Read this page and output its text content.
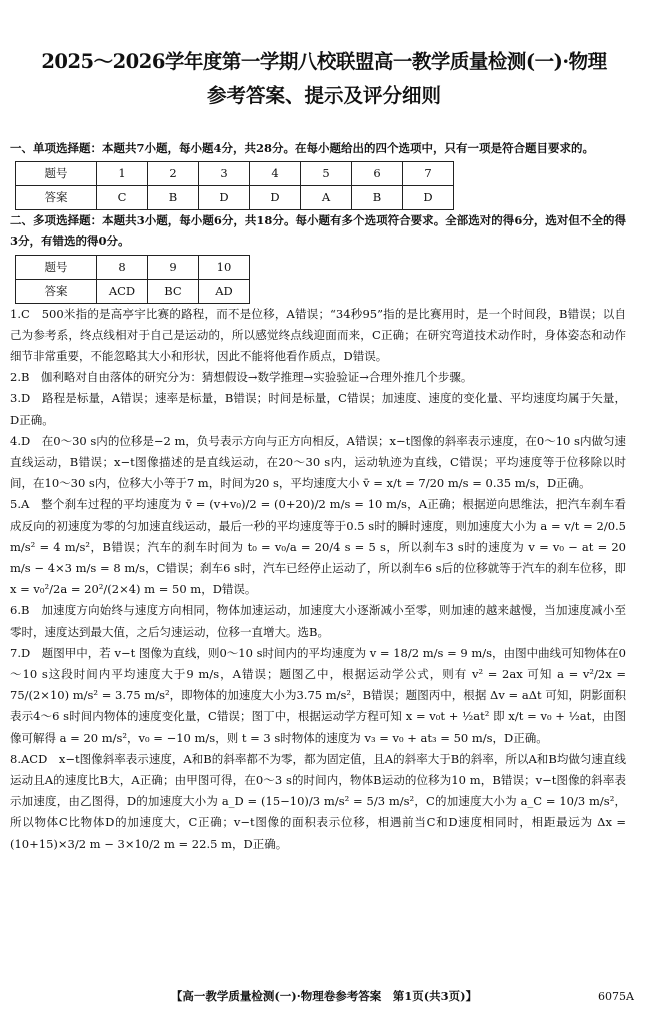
2025～2026学年度第一学期八校联盟高一教学质量检测(一)·物理
参考答案、提示及评分细则

一、单项选择题：本题共7小题，每小题4分，共28分。在每小题给出的四个选项中，只有一项是符合题目要求的。

题号	1	2	3	4	5	6	7
答案	C	B	D	D	A	B	D

二、多项选择题：本题共3小题，每小题6分，共18分。每小题有多个选项符合要求。全部选对的得6分，选对但不全的得3分，有错选的得0分。

题号	8	9	10
答案	ACD	BC	AD

1.C　500米指的是高亭宇比赛的路程，而不是位移，A错误；“34秒95”指的是比赛用时，是一个时间段，B错误；以自己为参考系，终点线相对于自己是运动的，所以感觉终点线迎面而来，C正确；在研究弯道技术动作时，身体姿态和动作细节非常重要，不能忽略其大小和形状，因此不能将他看作质点，D错误。

2.B　伽利略对自由落体的研究分为：猜想假设→数学推理→实验验证→合理外推几个步骤。

3.D　路程是标量，A错误；速率是标量，B错误；时间是标量，C错误；加速度、速度的变化量、平均速度均属于矢量，D正确。

4.D　在0～30 s内的位移是−2 m，负号表示方向与正方向相反，A错误；x−t图像的斜率表示速度，在0～10 s内做匀速直线运动，B错误；x−t图像描述的是直线运动，在20～30 s内，运动轨迹为直线，C错误；平均速度等于位移除以时间，在10～30 s内，位移大小等于7 m，时间为20 s，平均速度大小 v̄ = x/t = 7/20 m/s = 0.35 m/s，D正确。

5.A　整个刹车过程的平均速度为 v̄ = (v+v₀)/2 = (0+20)/2 m/s = 10 m/s，A正确；根据逆向思维法，把汽车刹车看成反向的初速度为零的匀加速直线运动，最后一秒的平均速度等于0.5 s时的瞬时速度，则加速度大小为 a = v/t = 2/0.5 m/s² = 4 m/s²，B错误；汽车的刹车时间为 t₀ = v₀/a = 20/4 s = 5 s，所以刹车3 s时的速度为 v = v₀ − at = 20 m/s − 4×3 m/s = 8 m/s，C错误；刹车6 s时，汽车已经停止运动了，所以刹车6 s后的位移就等于汽车的刹车位移，即 x = v₀²/2a = 20²/(2×4) m = 50 m，D错误。

6.B　加速度方向始终与速度方向相同，物体加速运动，加速度大小逐渐减小至零，则加速的越来越慢，当加速度减小至零时，速度达到最大值，之后匀速运动，位移一直增大。选B。

7.D　题图甲中，若 v−t 图像为直线，则0～10 s时间内的平均速度为 v = 18/2 m/s = 9 m/s，由图中曲线可知物体在0～10 s这段时间内平均速度大于9 m/s，A错误；题图乙中，根据运动学公式，则有 v² = 2ax 可知 a = v²/2x = 75/(2×10) m/s² = 3.75 m/s²，即物体的加速度大小为3.75 m/s²，B错误；题图丙中，根据 Δv = aΔt 可知，阴影面积表示4～6 s时间内物体的速度变化量，C错误；图丁中，根据运动学方程可知 x = v₀t + ½at² 即 x/t = v₀ + ½at，由图像可解得 a = 20 m/s²，v₀ = −10 m/s，则 t = 3 s时物体的速度为 v₃ = v₀ + at₃ = 50 m/s，D正确。

8.ACD　x−t图像斜率表示速度，A和B的斜率都不为零，都为固定值，且A的斜率大于B的斜率，所以A和B均做匀速直线运动且A的速度比B大，A正确；由甲图可得，在0～3 s的时间内，物体B运动的位移为10 m，B错误；v−t图像的斜率表示加速度，由乙图得，D的加速度大小为 a_D = (15−10)/3 m/s² = 5/3 m/s²，C的加速度大小为 a_C = 10/3 m/s²，所以物体C比物体D的加速度大，C正确；v−t图像的面积表示位移，相遇前当C和D速度相同时，相距最远为 Δx = (10+15)×3/2 m − 3×10/2 m = 22.5 m，D正确。

【高一教学质量检测(一)·物理卷参考答案　第1页(共3页)】	6075A
